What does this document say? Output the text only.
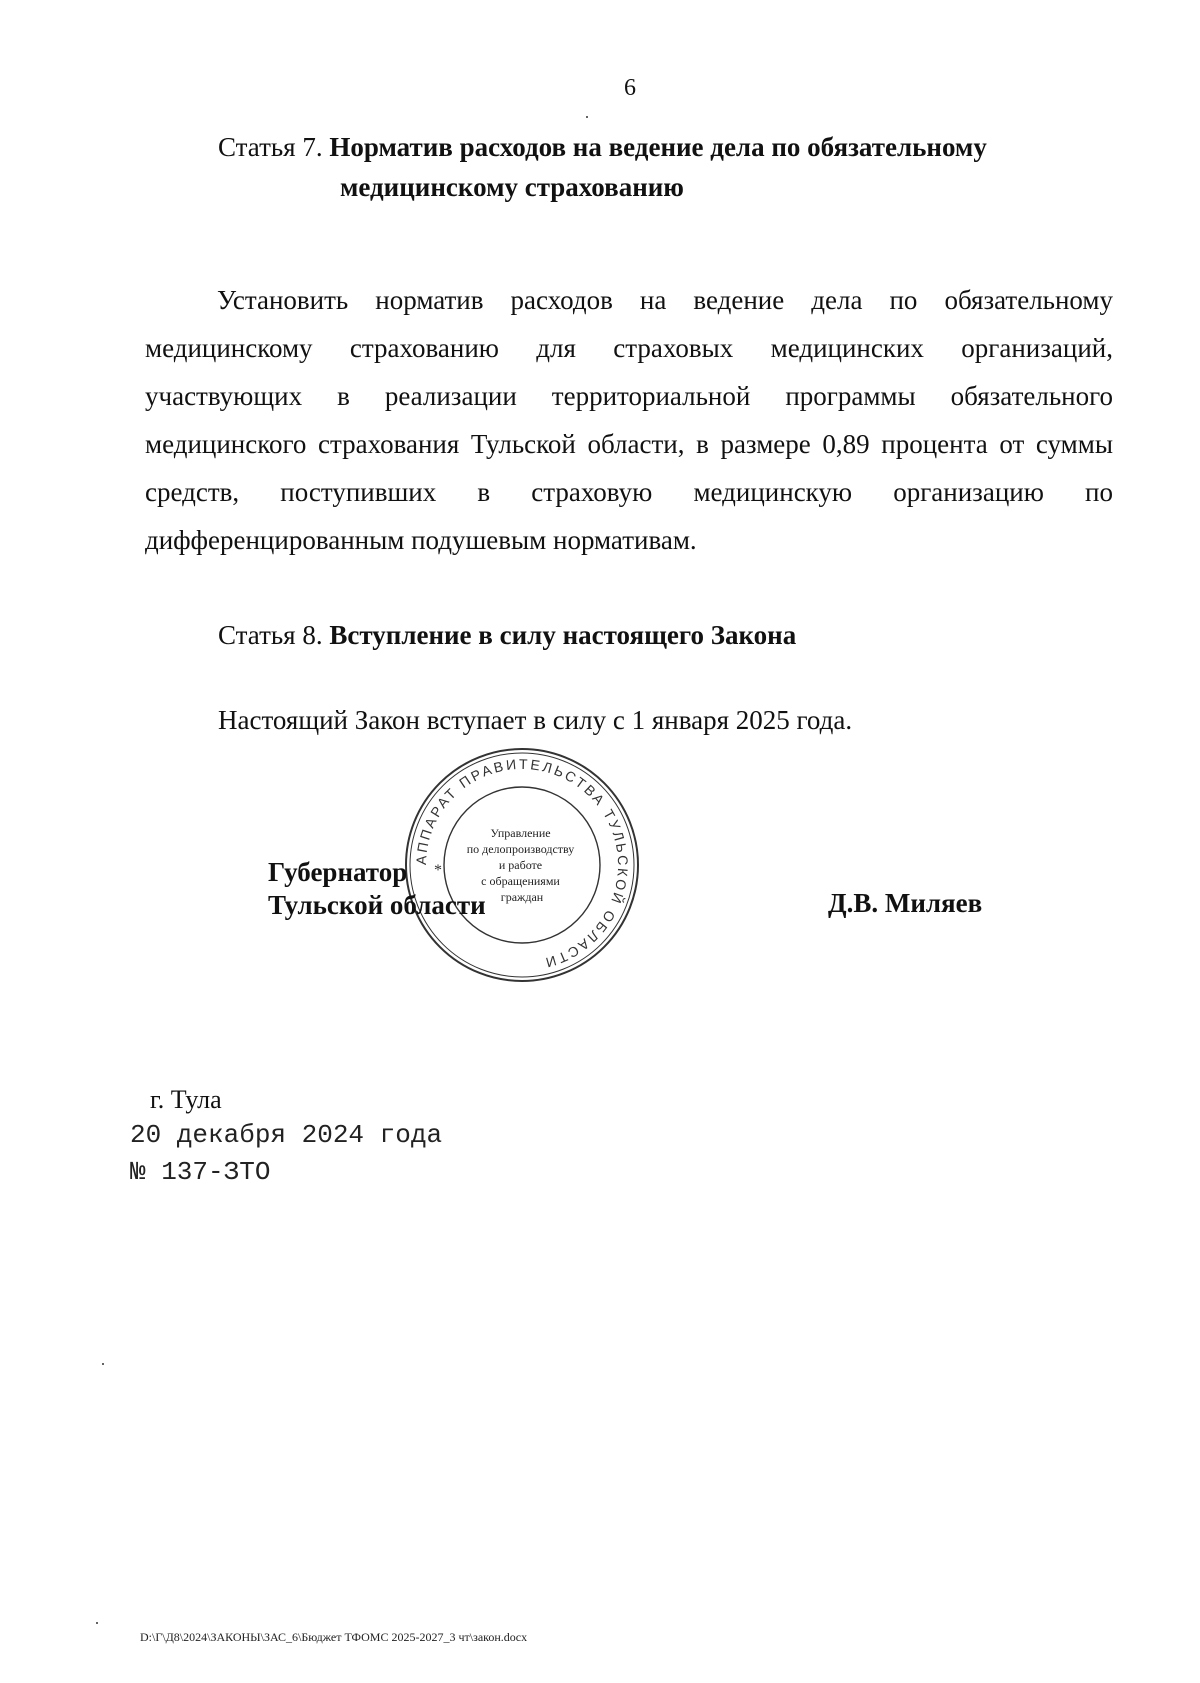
6
Статья 7. Норматив расходов на ведение дела по обязательному
медицинскому страхованию
Установить норматив расходов на ведение дела по обязательному медицинскому страхованию для страховых медицинских организаций, участвующих в реализации территориальной программы обязательного медицинского страхования Тульской области, в размере 0,89 процента от суммы средств, поступивших в страховую медицинскую организацию по дифференцированным подушевым нормативам.
Статья 8. Вступление в силу настоящего Закона
Настоящий Закон вступает в силу с 1 января 2025 года.
АППАРАТ ПРАВИТЕЛЬСТВА ТУЛЬСКОЙ ОБЛАСТИ
Управление по делопроизводству и работе с обращениями граждан
*
Губернатор
Тульской области	Д.В. Миляев
г. Тула
20 декабря 2024 года
№ 137-ЗТО
D:\Г\Д8\2024\ЗАКОНЫ\ЗАС_6\Бюджет ТФОМС 2025-2027_3 чт\закон.docx
